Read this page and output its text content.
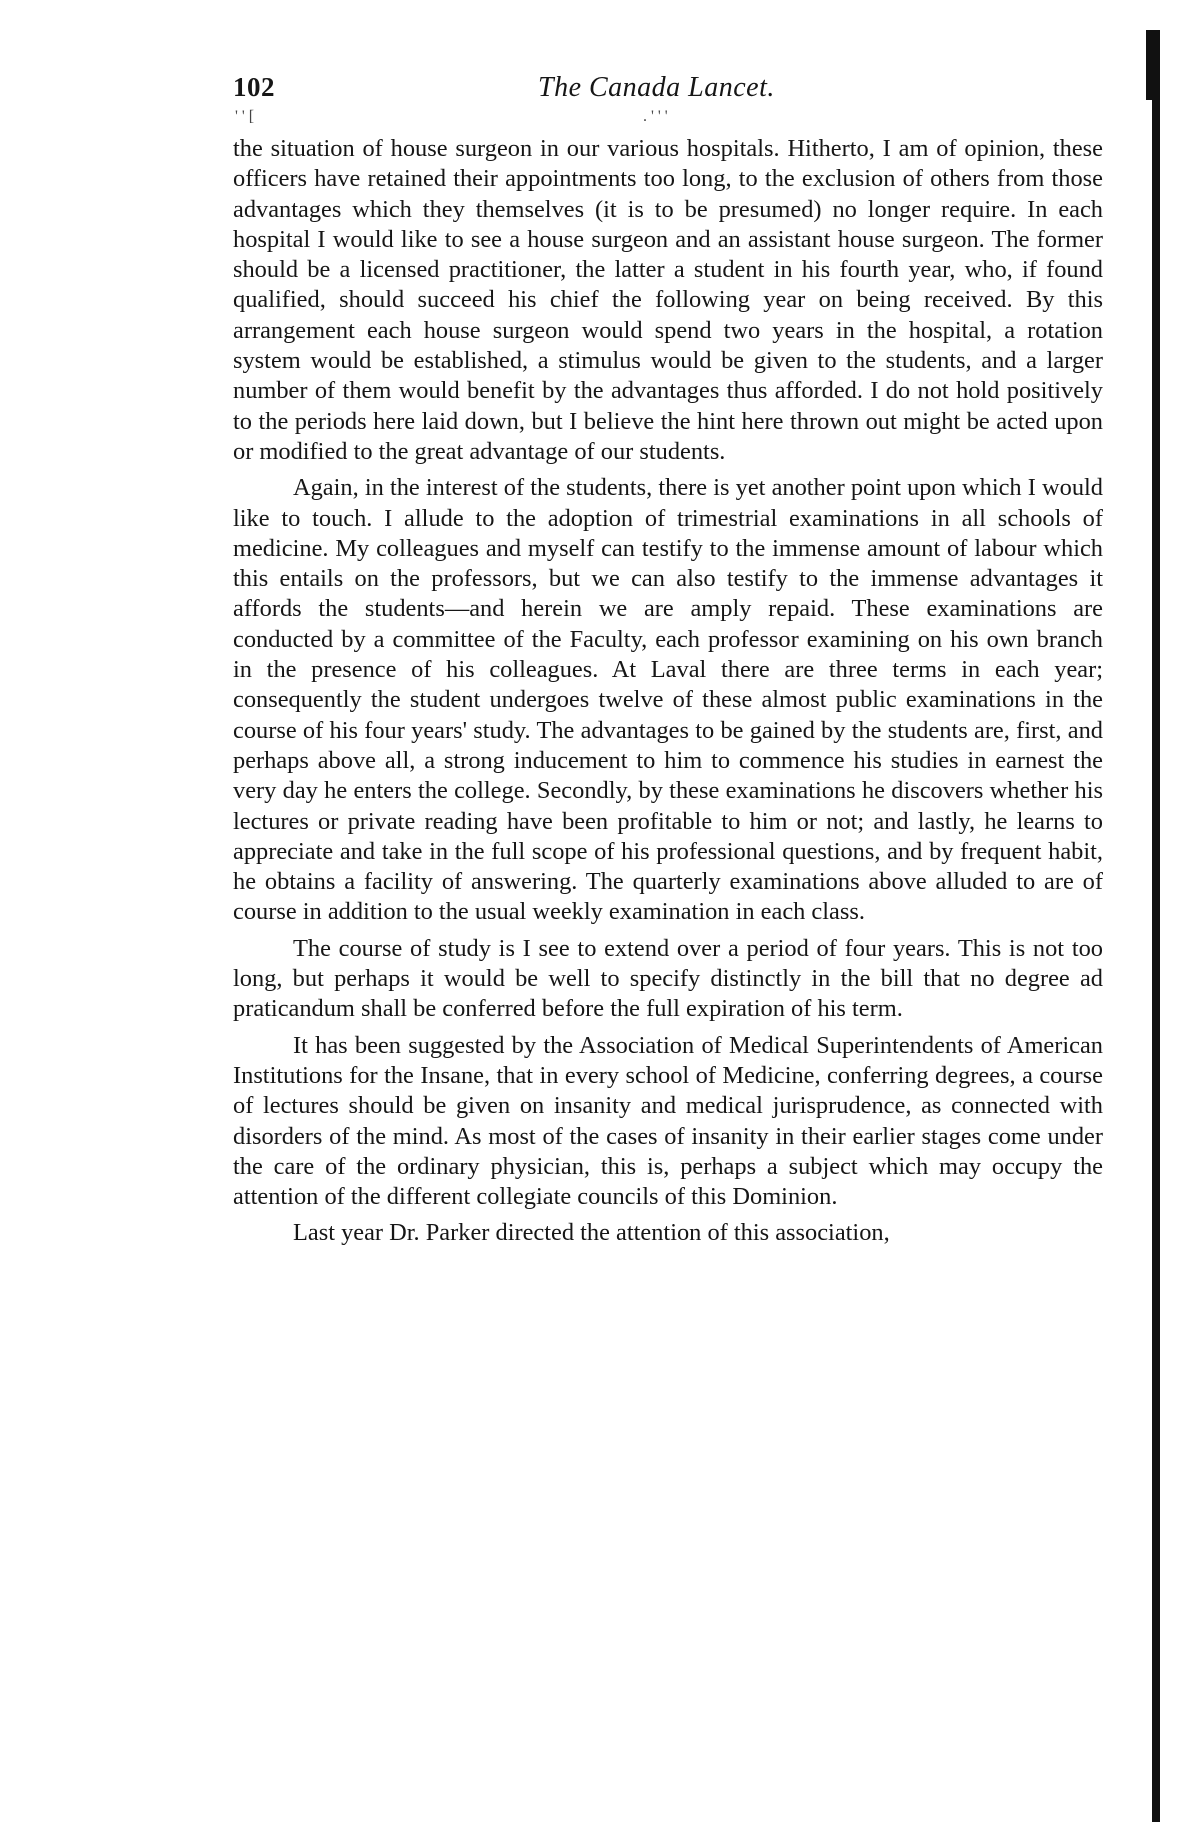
102	The Canada Lancet.
' ' [	. ' ' '

the situation of house surgeon in our various hospitals. Hitherto, I am of opinion, these officers have retained their appointments too long, to the exclusion of others from those advantages which they themselves (it is to be presumed) no longer require. In each hospital I would like to see a house surgeon and an assistant house surgeon. The former should be a licensed practitioner, the latter a student in his fourth year, who, if found qualified, should succeed his chief the following year on being received. By this arrangement each house surgeon would spend two years in the hospital, a rotation system would be established, a stimulus would be given to the students, and a larger number of them would benefit by the advantages thus afforded. I do not hold positively to the periods here laid down, but I believe the hint here thrown out might be acted upon or modified to the great advantage of our students.

Again, in the interest of the students, there is yet another point upon which I would like to touch. I allude to the adoption of trimestrial examinations in all schools of medicine. My colleagues and myself can testify to the immense amount of labour which this entails on the professors, but we can also testify to the immense advantages it affords the students—and herein we are amply repaid. These examinations are conducted by a committee of the Faculty, each professor examining on his own branch in the presence of his colleagues. At Laval there are three terms in each year; consequently the student undergoes twelve of these almost public examinations in the course of his four years' study. The advantages to be gained by the students are, first, and perhaps above all, a strong inducement to him to commence his studies in earnest the very day he enters the college. Secondly, by these examinations he discovers whether his lectures or private reading have been profitable to him or not; and lastly, he learns to appreciate and take in the full scope of his professional questions, and by frequent habit, he obtains a facility of answering. The quarterly examinations above alluded to are of course in addition to the usual weekly examination in each class.

The course of study is I see to extend over a period of four years. This is not too long, but perhaps it would be well to specify distinctly in the bill that no degree ad praticandum shall be conferred before the full expiration of his term.

It has been suggested by the Association of Medical Superintendents of American Institutions for the Insane, that in every school of Medicine, conferring degrees, a course of lectures should be given on insanity and medical jurisprudence, as connected with disorders of the mind. As most of the cases of insanity in their earlier stages come under the care of the ordinary physician, this is, perhaps a subject which may occupy the attention of the different collegiate councils of this Dominion.

Last year Dr. Parker directed the attention of this association,
